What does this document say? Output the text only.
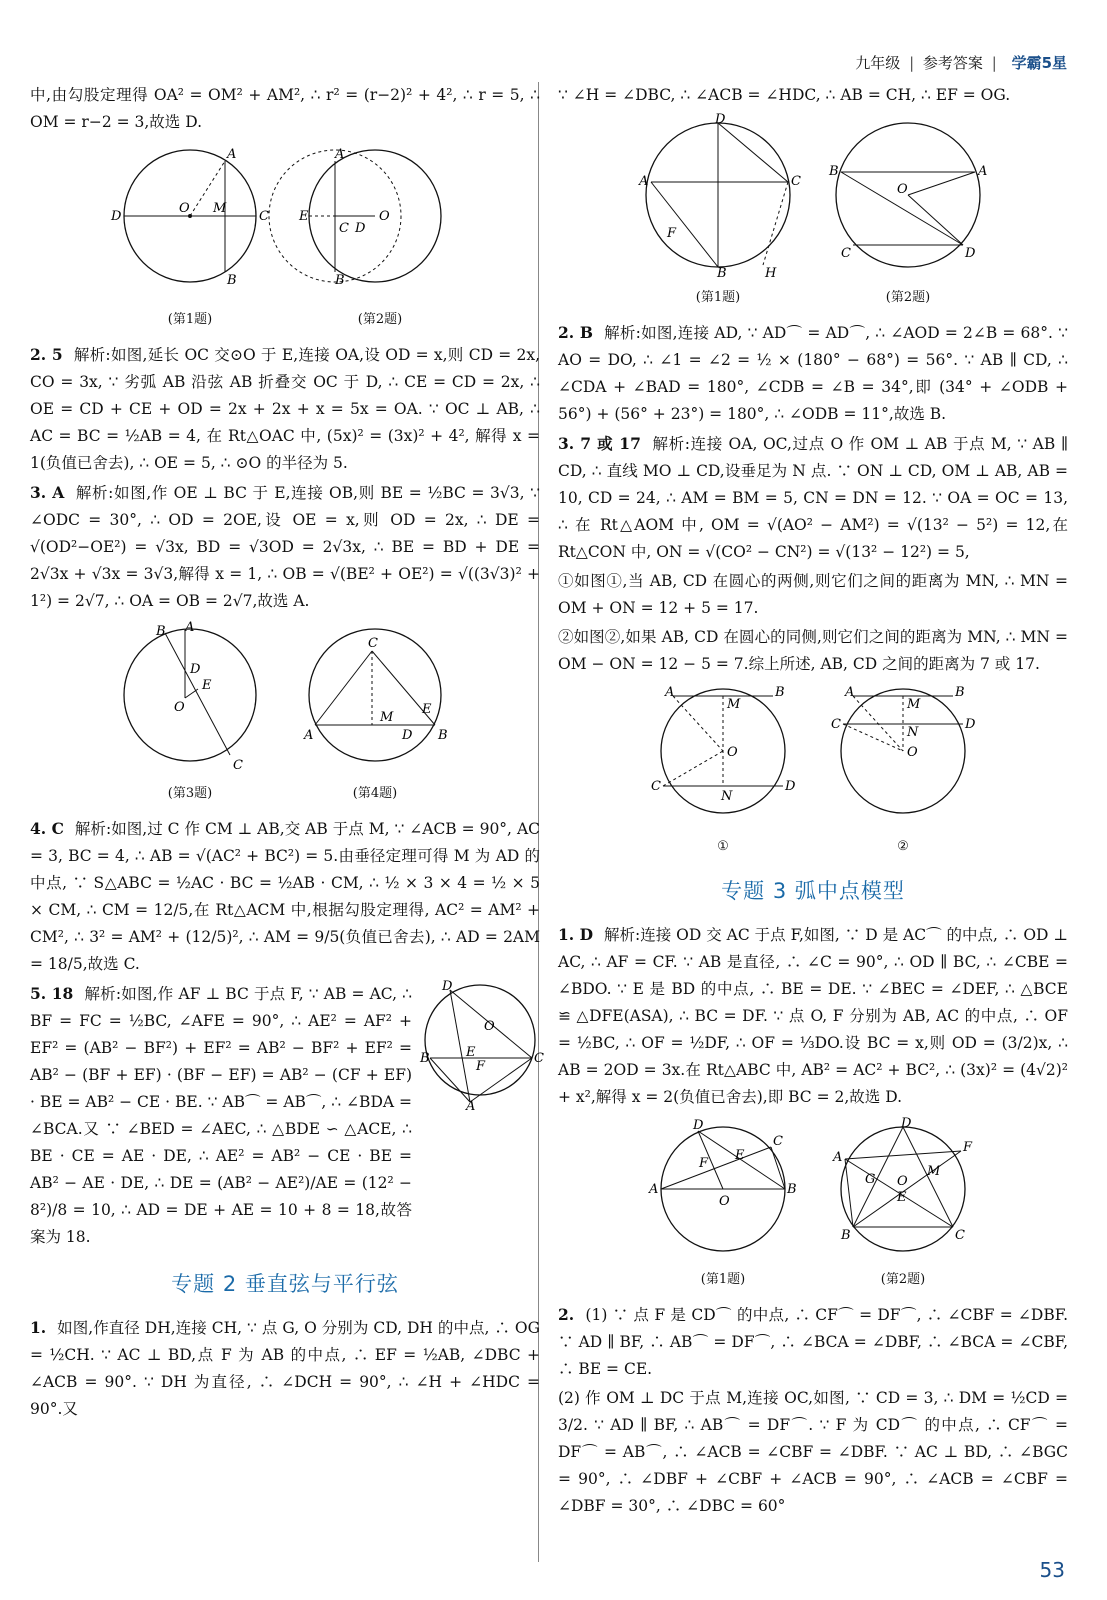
九年级 | 参考答案 | 学霸5星

中,由勾股定理得 OA² = OM² + AM², ∴ r² = (r−2)² + 4², ∴ r = 5, ∴ OM = r−2 = 3,故选 D.

A
B
D	C
O M
(第1题)
A
B
E
C D
O
(第2题)

2. 5 解析:如图,延长 OC 交⊙O 于 E,连接 OA,设 OD = x,则 CD = 2x, CO = 3x, ∵ 劣弧 AB 沿弦 AB 折叠交 OC 于 D, ∴ CE = CD = 2x, ∴ OE = CD + CE + OD = 2x + 2x + x = 5x = OA. ∵ OC ⊥ AB, ∴ AC = BC = ½AB = 4, 在 Rt△OAC 中, (5x)² = (3x)² + 4², 解得 x = 1(负值已舍去), ∴ OE = 5, ∴ ⊙O 的半径为 5.

3. A 解析:如图,作 OE ⊥ BC 于 E,连接 OB,则 BE = ½BC = 3√3, ∵ ∠ODC = 30°, ∴ OD = 2OE,设 OE = x,则 OD = 2x, ∴ DE = √(OD²−OE²) = √3x, BD = √3OD = 2√3x, ∴ BE = BD + DE = 2√3x + √3x = 3√3,解得 x = 1, ∴ OB = √(BE² + OE²) = √((3√3)² + 1²) = 2√7, ∴ OA = OB = 2√7,故选 A.

B A
D
E
O
C
(第3题)
C
A	B
M
E
D
(第4题)

4. C 解析:如图,过 C 作 CM ⊥ AB,交 AB 于点 M, ∵ ∠ACB = 90°, AC = 3, BC = 4, ∴ AB = √(AC² + BC²) = 5.由垂径定理可得 M 为 AD 的中点, ∵ S△ABC = ½AC · BC = ½AB · CM, ∴ ½ × 3 × 4 = ½ × 5 × CM, ∴ CM = 12/5,在 Rt△ACM 中,根据勾股定理得, AC² = AM² + CM², ∴ 3² = AM² + (12/5)², ∴ AM = 9/5(负值已舍去), ∴ AD = 2AM = 18/5,故选 C.

5. 18 解析:如图,作 AF ⊥ BC 于点 F, ∵ AB = AC, ∴ BF = FC = ½BC, ∠AFE = 90°, ∴ AE² = AF² + EF² = (AB² − BF²) + EF² = AB² − BF² + EF² = AB² − (BF + EF) · (BF − EF) = AB² − (CF + EF) · BE = AB² − CE · BE. ∵ AB⌒ = AB⌒, ∴ ∠BDA = ∠BCA.又 ∵ ∠BED = ∠AEC, ∴ △BDE ∽ △ACE, ∴ BE · CE = AE · DE, ∴ AE² = AB² − CE · BE = AB² − AE · DE, ∴ DE = (AB² − AE²)/AE = (12² − 8²)/8 = 10, ∴ AD = DE + AE = 10 + 8 = 18,故答案为 18.

D
O
B	C
E
F
A
专题 2 垂直弦与平行弦

1. 如图,作直径 DH,连接 CH, ∵ 点 G, O 分别为 CD, DH 的中点, ∴ OG = ½CH. ∵ AC ⊥ BD,点 F 为 AB 的中点, ∴ EF = ½AB, ∠DBC + ∠ACB = 90°. ∵ DH 为直径, ∴ ∠DCH = 90°, ∴ ∠H + ∠HDC = 90°.又

∵ ∠H = ∠DBC, ∴ ∠ACB = ∠HDC, ∴ AB = CH, ∴ EF = OG.

D
A	C
B	H
F
(第1题)
B	A
C	D
O
(第2题)

2. B 解析:如图,连接 AD, ∵ AD⌒ = AD⌒, ∴ ∠AOD = 2∠B = 68°. ∵ AO = DO, ∴ ∠1 = ∠2 = ½ × (180° − 68°) = 56°. ∵ AB ∥ CD, ∴ ∠CDA + ∠BAD = 180°, ∠CDB = ∠B = 34°,即 (34° + ∠ODB + 56°) + (56° + 23°) = 180°, ∴ ∠ODB = 11°,故选 B.

3. 7 或 17 解析:连接 OA, OC,过点 O 作 OM ⊥ AB 于点 M, ∵ AB ∥ CD, ∴ 直线 MO ⊥ CD,设垂足为 N 点. ∵ ON ⊥ CD, OM ⊥ AB, AB = 10, CD = 24, ∴ AM = BM = 5, CN = DN = 12. ∵ OA = OC = 13, ∴ 在 Rt△AOM 中, OM = √(AO² − AM²) = √(13² − 5²) = 12,在 Rt△CON 中, ON = √(CO² − CN²) = √(13² − 12²) = 5,

①如图①,当 AB, CD 在圆心的两侧,则它们之间的距离为 MN, ∴ MN = OM + ON = 12 + 5 = 17.

②如图②,如果 AB, CD 在圆心的同侧,则它们之间的距离为 MN, ∴ MN = OM − ON = 12 − 5 = 7.综上所述, AB, CD 之间的距离为 7 或 17.

A	B
M
O
C	D
N
①
A	B
M
N
O
C	D
②
专题 3 弧中点模型

1. D 解析:连接 OD 交 AC 于点 F,如图, ∵ D 是 AC⌒ 的中点, ∴ OD ⊥ AC, ∴ AF = CF. ∵ AB 是直径, ∴ ∠C = 90°, ∴ OD ∥ BC, ∴ ∠CBE = ∠BDO. ∵ E 是 BD 的中点, ∴ BE = DE. ∵ ∠BEC = ∠DEF, ∴ △BCE ≌ △DFE(ASA), ∴ BC = DF. ∵ 点 O, F 分别为 AB, AC 的中点, ∴ OF = ½BC, ∴ OF = ½DF, ∴ OF = ⅓DO.设 BC = x,则 OD = (3/2)x, ∴ AB = 2OD = 3x.在 Rt△ABC 中, AB² = AC² + BC², ∴ (3x)² = (4√2)² + x²,解得 x = 2(负值已舍去),即 BC = 2,故选 D.

D
C
A	B
O
F
E
(第1题)
D
A
F
B	C
O
E
G
M
(第2题)

2. (1) ∵ 点 F 是 CD⌒ 的中点, ∴ CF⌒ = DF⌒, ∴ ∠CBF = ∠DBF. ∵ AD ∥ BF, ∴ AB⌒ = DF⌒, ∴ ∠BCA = ∠DBF, ∴ ∠BCA = ∠CBF, ∴ BE = CE.

(2) 作 OM ⊥ DC 于点 M,连接 OC,如图, ∵ CD = 3, ∴ DM = ½CD = 3/2. ∵ AD ∥ BF, ∴ AB⌒ = DF⌒. ∵ F 为 CD⌒ 的中点, ∴ CF⌒ = DF⌒ = AB⌒, ∴ ∠ACB = ∠CBF = ∠DBF. ∵ AC ⊥ BD, ∴ ∠BGC = 90°, ∴ ∠DBF + ∠CBF + ∠ACB = 90°, ∴ ∠ACB = ∠CBF = ∠DBF = 30°, ∴ ∠DBC = 60°

53
